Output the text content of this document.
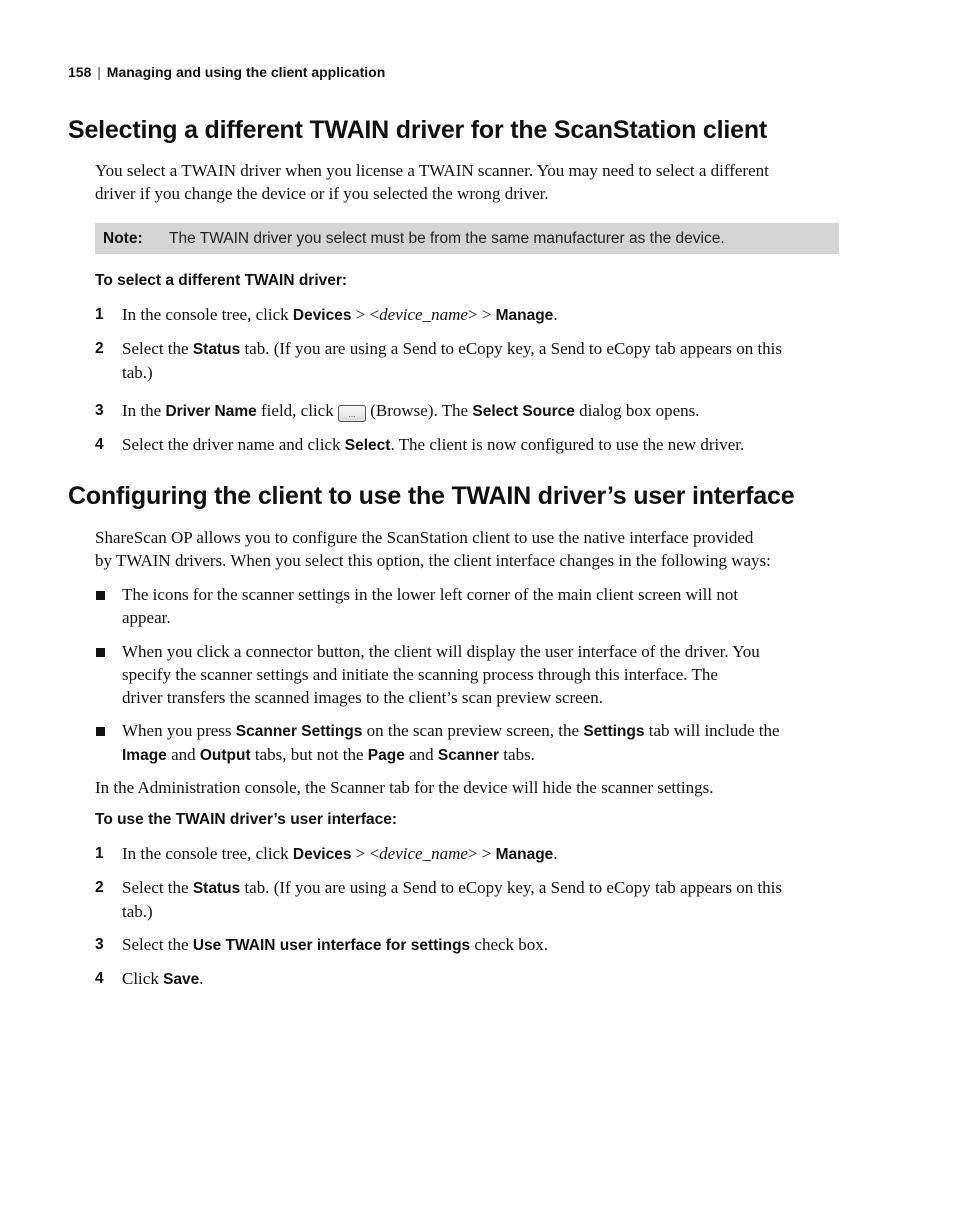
158 | Managing and using the client application
Selecting a different TWAIN driver for the ScanStation client
You select a TWAIN driver when you license a TWAIN scanner. You may need to select a different
driver if you change the device or if you selected the wrong driver.
Note: The TWAIN driver you select must be from the same manufacturer as the device.
To select a different TWAIN driver:
1 In the console tree, click Devices > <device_name> > Manage.
2 Select the Status tab. (If you are using a Send to eCopy key, a Send to eCopy tab appears on this
tab.)
3 In the Driver Name field, click ... (Browse). The Select Source dialog box opens.
4 Select the driver name and click Select. The client is now configured to use the new driver.
Configuring the client to use the TWAIN driver’s user interface
ShareScan OP allows you to configure the ScanStation client to use the native interface provided
by TWAIN drivers. When you select this option, the client interface changes in the following ways:
The icons for the scanner settings in the lower left corner of the main client screen will not
appear.
When you click a connector button, the client will display the user interface of the driver. You
specify the scanner settings and initiate the scanning process through this interface. The
driver transfers the scanned images to the client’s scan preview screen.
When you press Scanner Settings on the scan preview screen, the Settings tab will include the
Image and Output tabs, but not the Page and Scanner tabs.
In the Administration console, the Scanner tab for the device will hide the scanner settings.
To use the TWAIN driver’s user interface:
1 In the console tree, click Devices > <device_name> > Manage.
2 Select the Status tab. (If you are using a Send to eCopy key, a Send to eCopy tab appears on this
tab.)
3 Select the Use TWAIN user interface for settings check box.
4 Click Save.
